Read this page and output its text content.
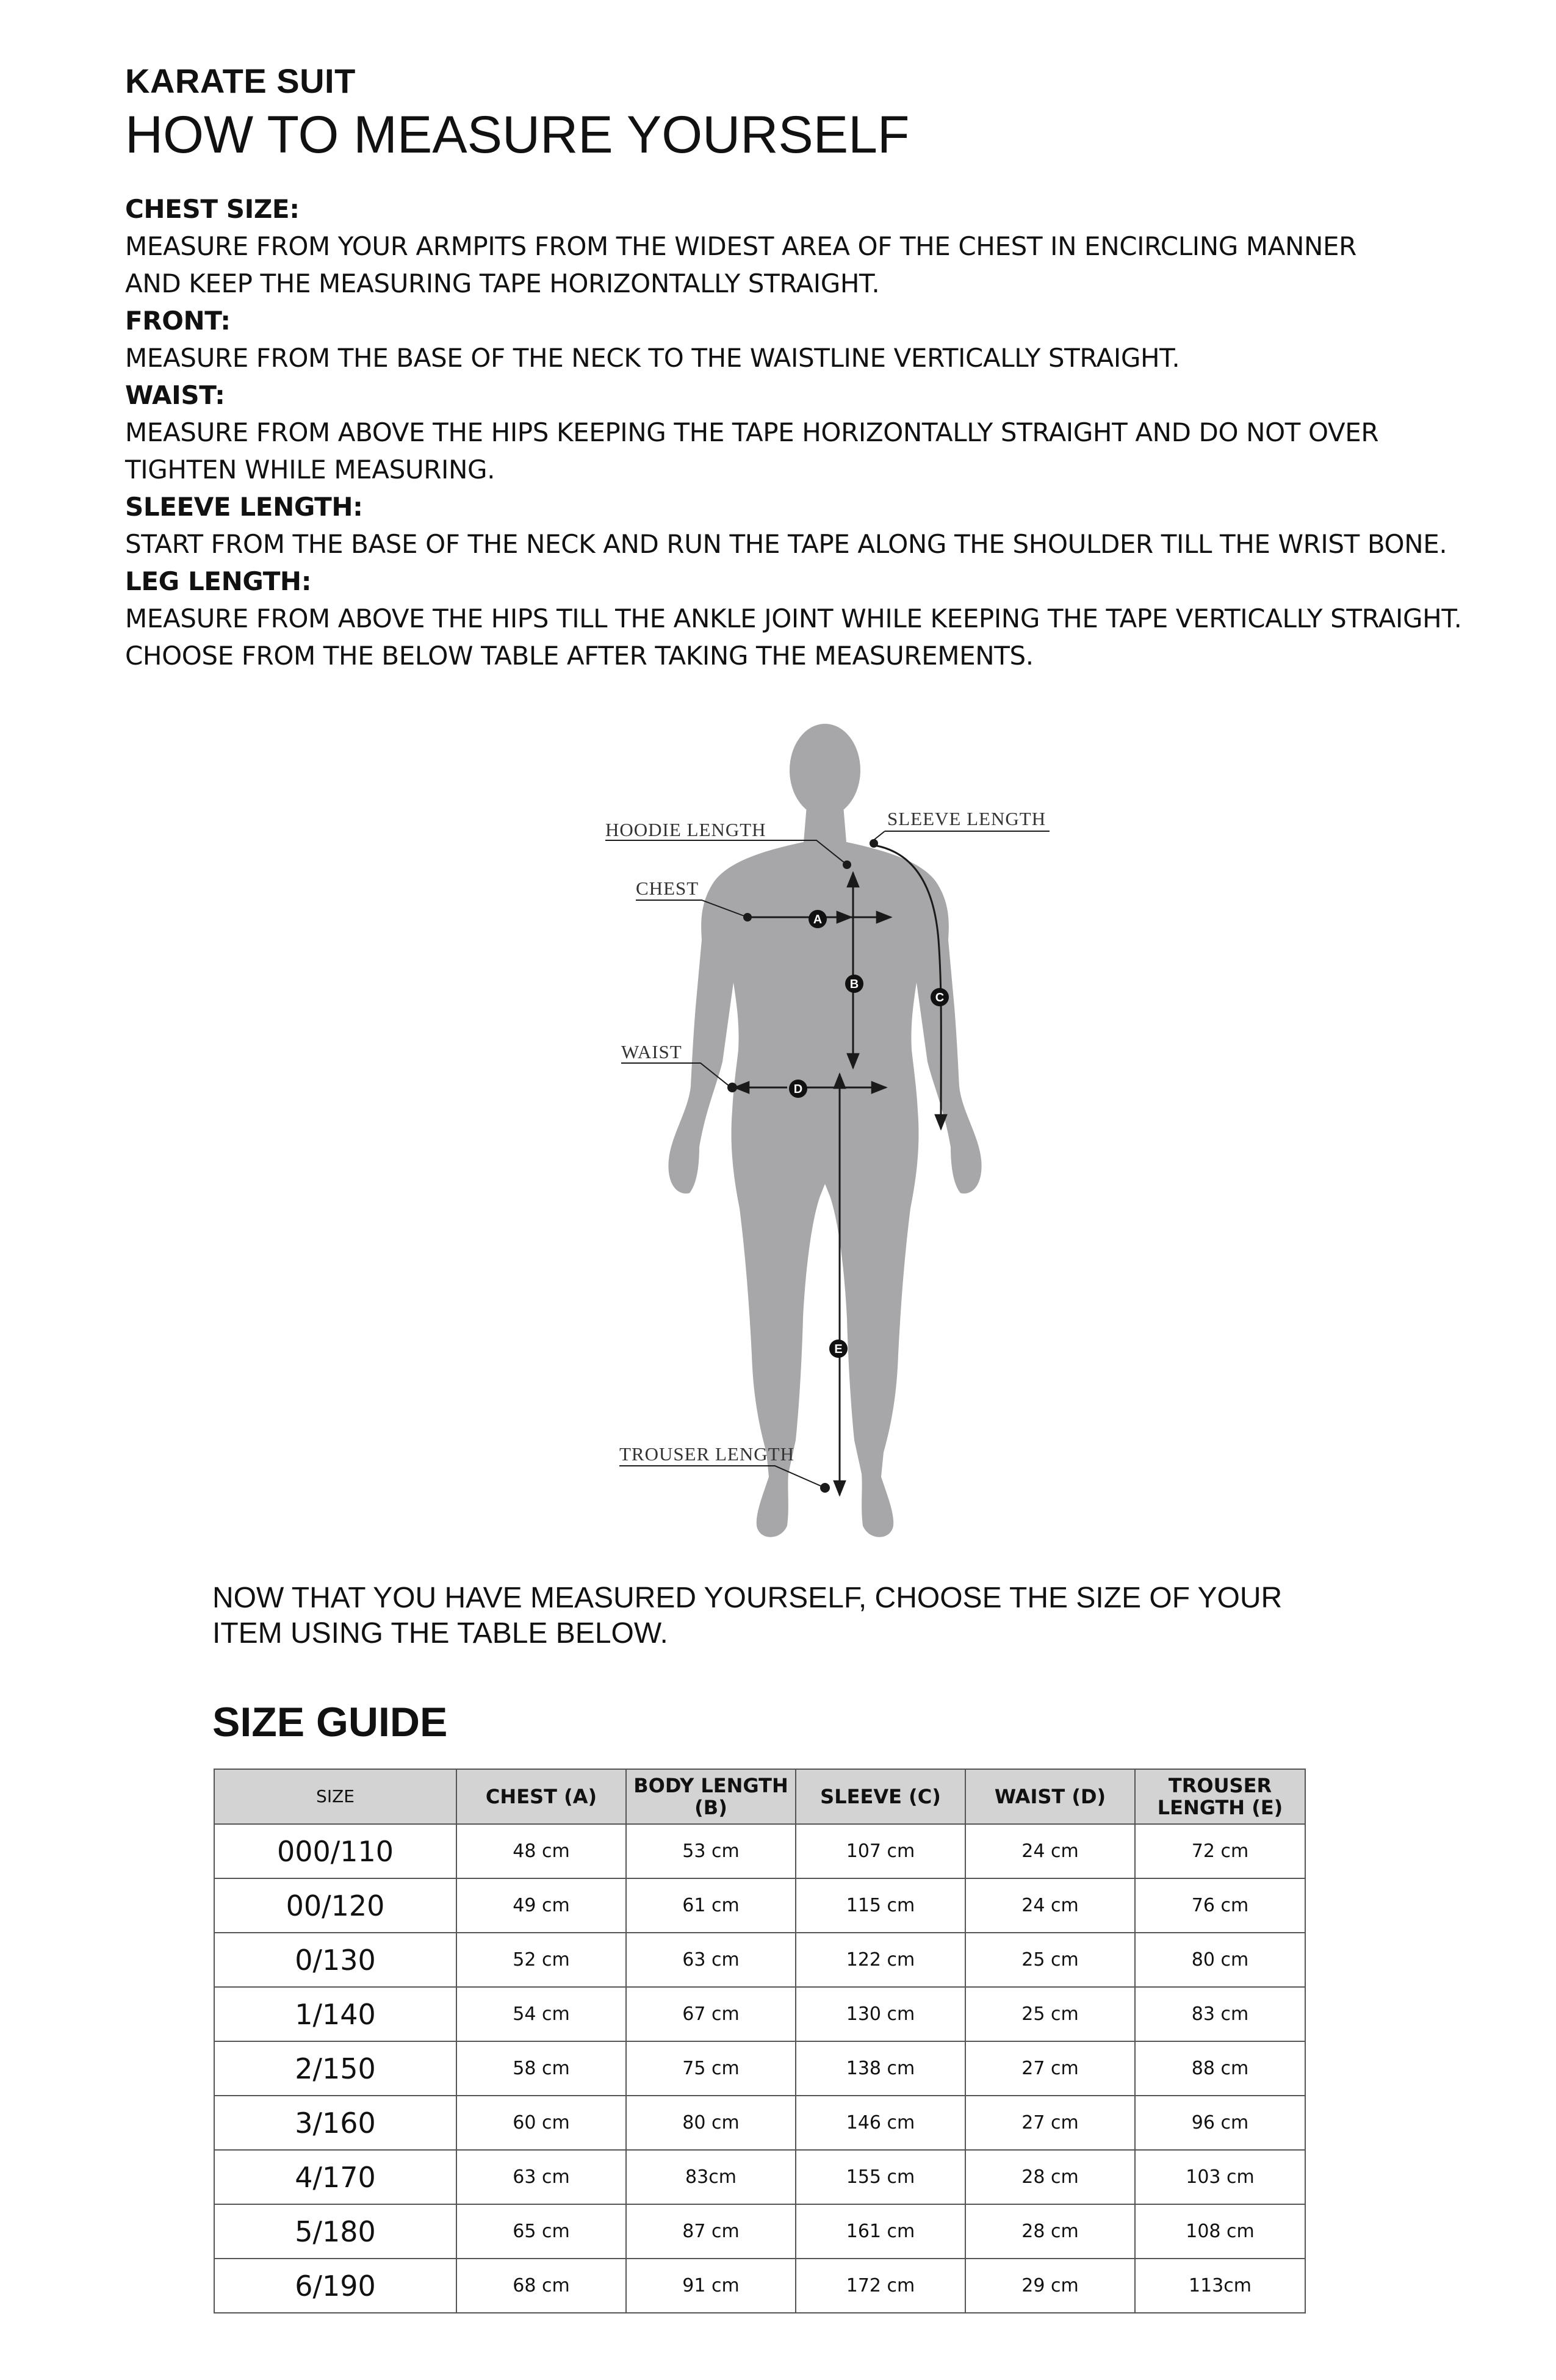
KARATE SUIT
HOW TO MEASURE YOURSELF
CHEST SIZE:
MEASURE FROM YOUR ARMPITS FROM THE WIDEST AREA OF THE CHEST IN ENCIRCLING MANNER
AND KEEP THE MEASURING TAPE HORIZONTALLY STRAIGHT.
FRONT:
MEASURE FROM THE BASE OF THE NECK TO THE WAISTLINE VERTICALLY STRAIGHT.
WAIST:
MEASURE FROM ABOVE THE HIPS KEEPING THE TAPE HORIZONTALLY STRAIGHT AND DO NOT OVER
TIGHTEN WHILE MEASURING.
SLEEVE LENGTH:
START FROM THE BASE OF THE NECK AND RUN THE TAPE ALONG THE SHOULDER TILL THE WRIST BONE.
LEG LENGTH:
MEASURE FROM ABOVE THE HIPS TILL THE ANKLE JOINT WHILE KEEPING THE TAPE VERTICALLY STRAIGHT.
CHOOSE FROM THE BELOW TABLE AFTER TAKING THE MEASUREMENTS.
A
B
C
D
E
HOODIE LENGTH
SLEEVE LENGTH
CHEST
WAIST
TROUSER LENGTH
NOW THAT YOU HAVE MEASURED YOURSELF, CHOOSE THE SIZE OF YOUR
ITEM USING THE TABLE BELOW.
SIZE GUIDE
SIZE	CHEST (A)	BODY LENGTH (B)	SLEEVE (C)	WAIST (D)	TROUSER
LENGTH (E)

000/110	48 cm	53 cm	107 cm	24 cm	72 cm
00/120	49 cm	61 cm	115 cm	24 cm	76 cm
0/130	52 cm	63 cm	122 cm	25 cm	80 cm
1/140	54 cm	67 cm	130 cm	25 cm	83 cm
2/150	58 cm	75 cm	138 cm	27 cm	88 cm
3/160	60 cm	80 cm	146 cm	27 cm	96 cm
4/170	63 cm	83cm	155 cm	28 cm	103 cm
5/180	65 cm	87 cm	161 cm	28 cm	108 cm
6/190	68 cm	91 cm	172 cm	29 cm	113cm
